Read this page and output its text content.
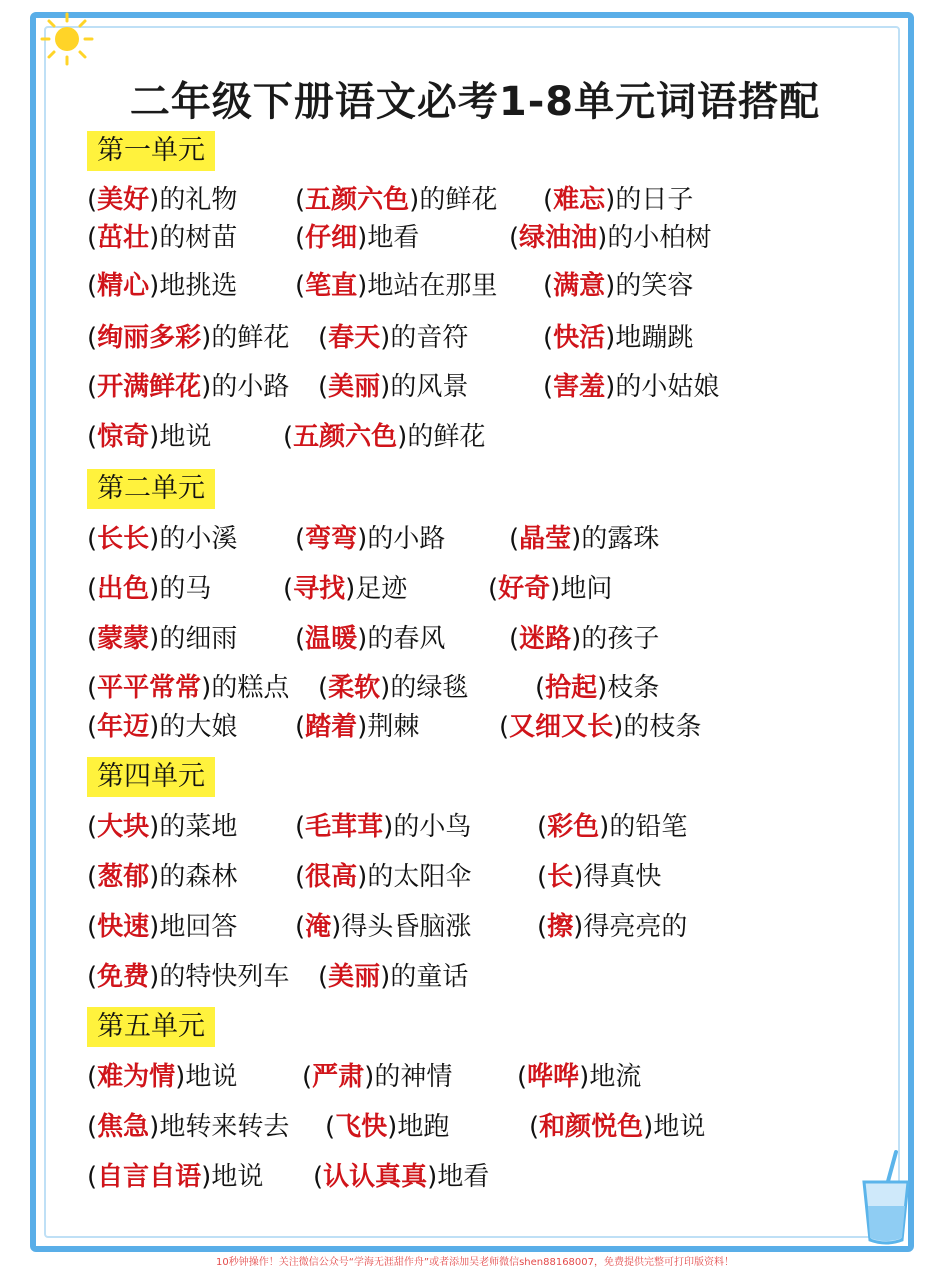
二年级下册语文必考1-8单元词语搭配
第一单元
(美好)的礼物 (五颜六色)的鲜花 (难忘)的日子
(茁壮)的树苗 (仔细)地看	(绿油油)的小柏树
(精心)地挑选 (笔直)地站在那里 (满意)的笑容
(绚丽多彩)的鲜花 (春天)的音符	(快活)地蹦跳
(开满鲜花)的小路 (美丽)的风景	(害羞)的小姑娘
(惊奇)地说	(五颜六色)的鲜花
第二单元
(长长)的小溪 (弯弯)的小路 (晶莹)的露珠
(出色)的马	(寻找)足迹	(好奇)地问
(蒙蒙)的细雨 (温暖)的春风 (迷路)的孩子
(平平常常)的糕点 (柔软)的绿毯	(拾起)枝条
(年迈)的大娘 (踏着)荆棘	(又细又长)的枝条
第四单元
(大块)的菜地 (毛茸茸)的小鸟	(彩色)的铅笔
(葱郁)的森林 (很高)的太阳伞	(长)得真快
(快速)地回答 (淹)得头昏脑涨	(擦)得亮亮的
(免费)的特快列车 (美丽)的童话
第五单元
(难为情)地说 (严肃)的神情 (哗哗)地流
(焦急)地转来转去 (飞快)地跑	(和颜悦色)地说
(自言自语)地说 (认认真真)地看
10秒钟操作！关注微信公众号“学海无涯甜作舟”或者添加吴老师微信shen88168007，免费提供完整可打印版资料！
